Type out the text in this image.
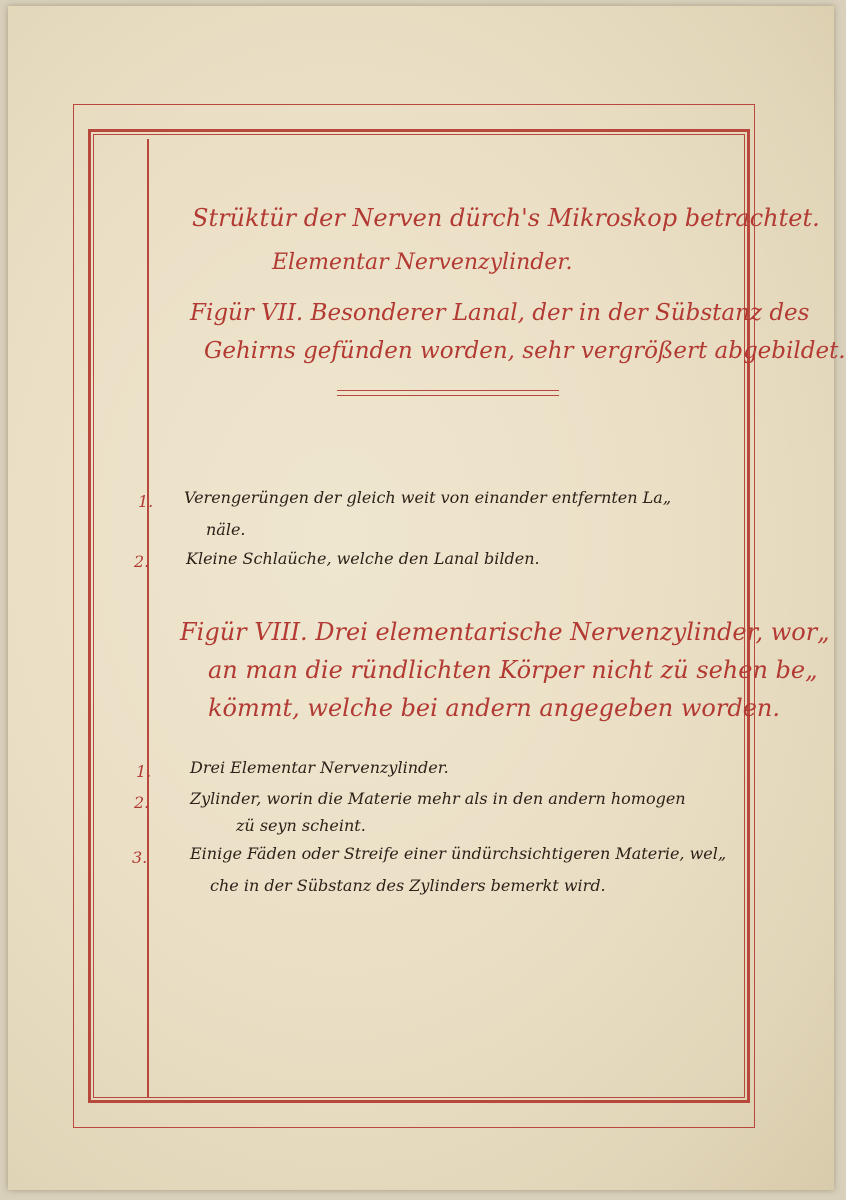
Strüktür der Nerven dürch's Mikroskop betrachtet.
Elementar Nervenzylinder.
Figür VII. Besonderer Lanal, der in der Sübstanz des
Gehirns gefünden worden, sehr vergrößert abgebildet.
1. Verengerüngen der gleich weit von einander entfernten La„
näle.
2. Kleine Schlaüche, welche den Lanal bilden.
Figür VIII. Drei elementarische Nervenzylinder, wor„
an man die ründlichten Körper nicht zü sehen be„
kömmt, welche bei andern angegeben worden.
1. Drei Elementar Nervenzylinder.
2.	Zylinder, worin die Materie mehr als in den andern homogen
zü seyn scheint.
3.	Einige Fäden oder Streife einer ündürchsichtigeren Materie, wel„
che in der Sübstanz des Zylinders bemerkt wird.
